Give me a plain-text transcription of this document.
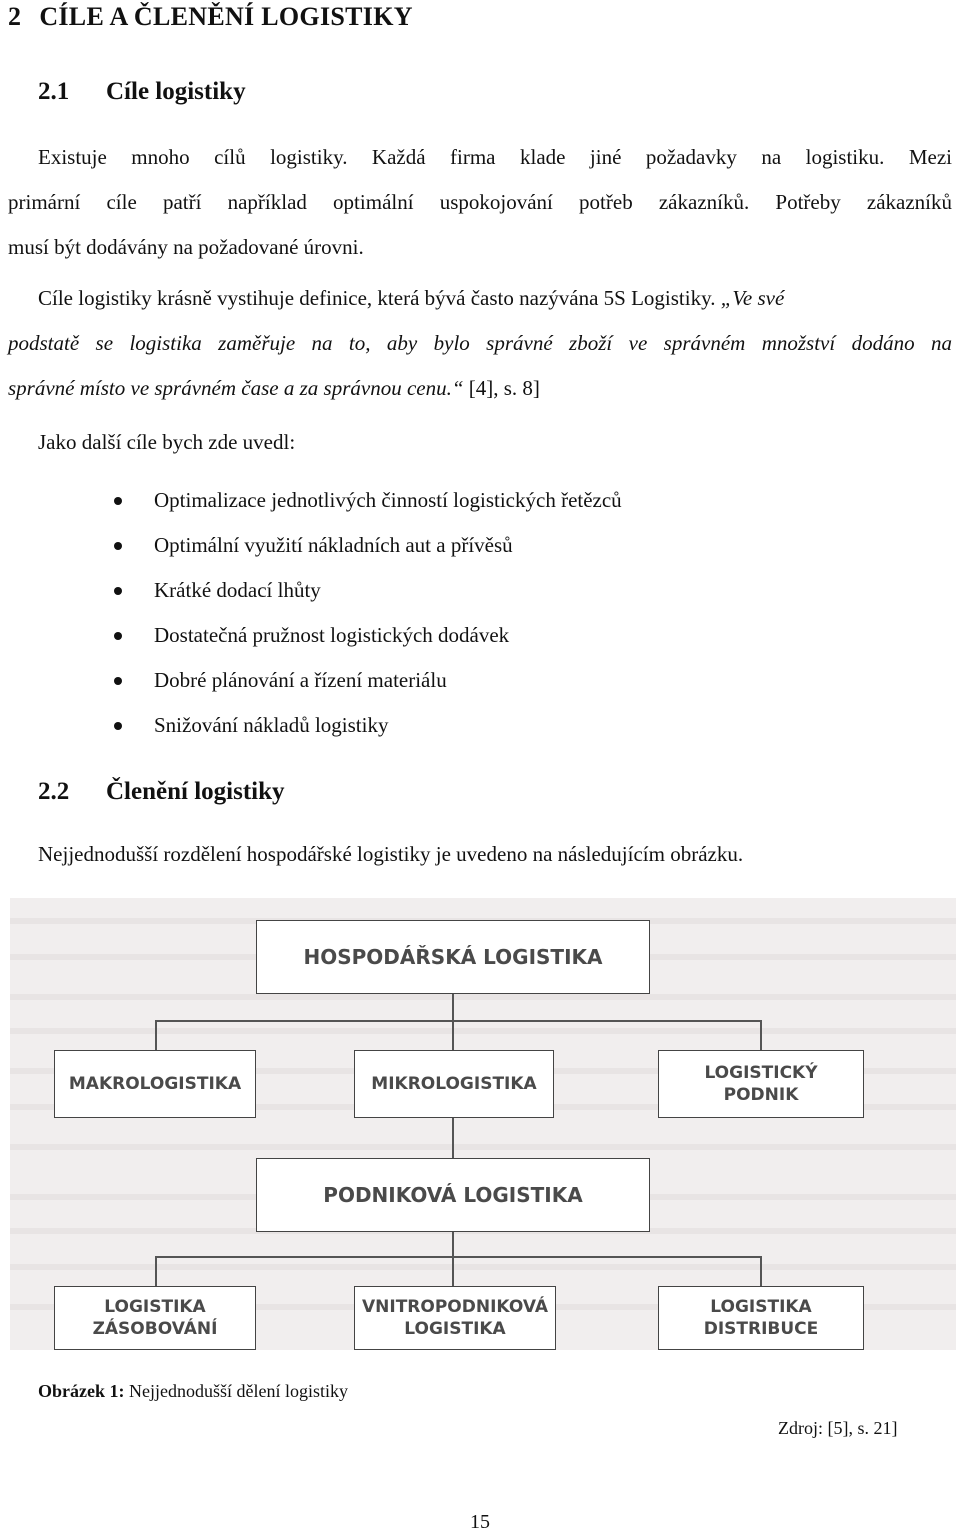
2 CÍLE A ČLENĚNÍ LOGISTIKY
2.1 Cíle logistiky
Existuje mnoho cílů logistiky. Každá firma klade jiné požadavky na logistiku. Mezi
primární cíle patří například optimální uspokojování potřeb zákazníků. Potřeby zákazníků
musí být dodávány na požadované úrovni.
Cíle logistiky krásně vystihuje definice, která bývá často nazývána 5S Logistiky. „Ve své
podstatě se logistika zaměřuje na to, aby bylo správné zboží ve správném množství dodáno na
správné místo ve správném čase a za správnou cenu.“ [4], s. 8]
Jako další cíle bych zde uvedl:
Optimalizace jednotlivých činností logistických řetězců
Optimální využití nákladních aut a přívěsů
Krátké dodací lhůty
Dostatečná pružnost logistických dodávek
Dobré plánování a řízení materiálu
Snižování nákladů logistiky
2.2 Členění logistiky
Nejjednodušší rozdělení hospodářské logistiky je uvedeno na následujícím obrázku.
HOSPODÁŘSKÁ LOGISTIKA
MAKROLOGISTIKA	MIKROLOGISTIKA
LOGISTICKÝ
PODNIK
PODNIKOVÁ LOGISTIKA
LOGISTIKA
ZÁSOBOVÁNÍ
VNITROPODNIKOVÁ
LOGISTIKA
LOGISTIKA
DISTRIBUCE
Obrázek 1: Nejjednodušší dělení logistiky
Zdroj: [5], s. 21]
15
